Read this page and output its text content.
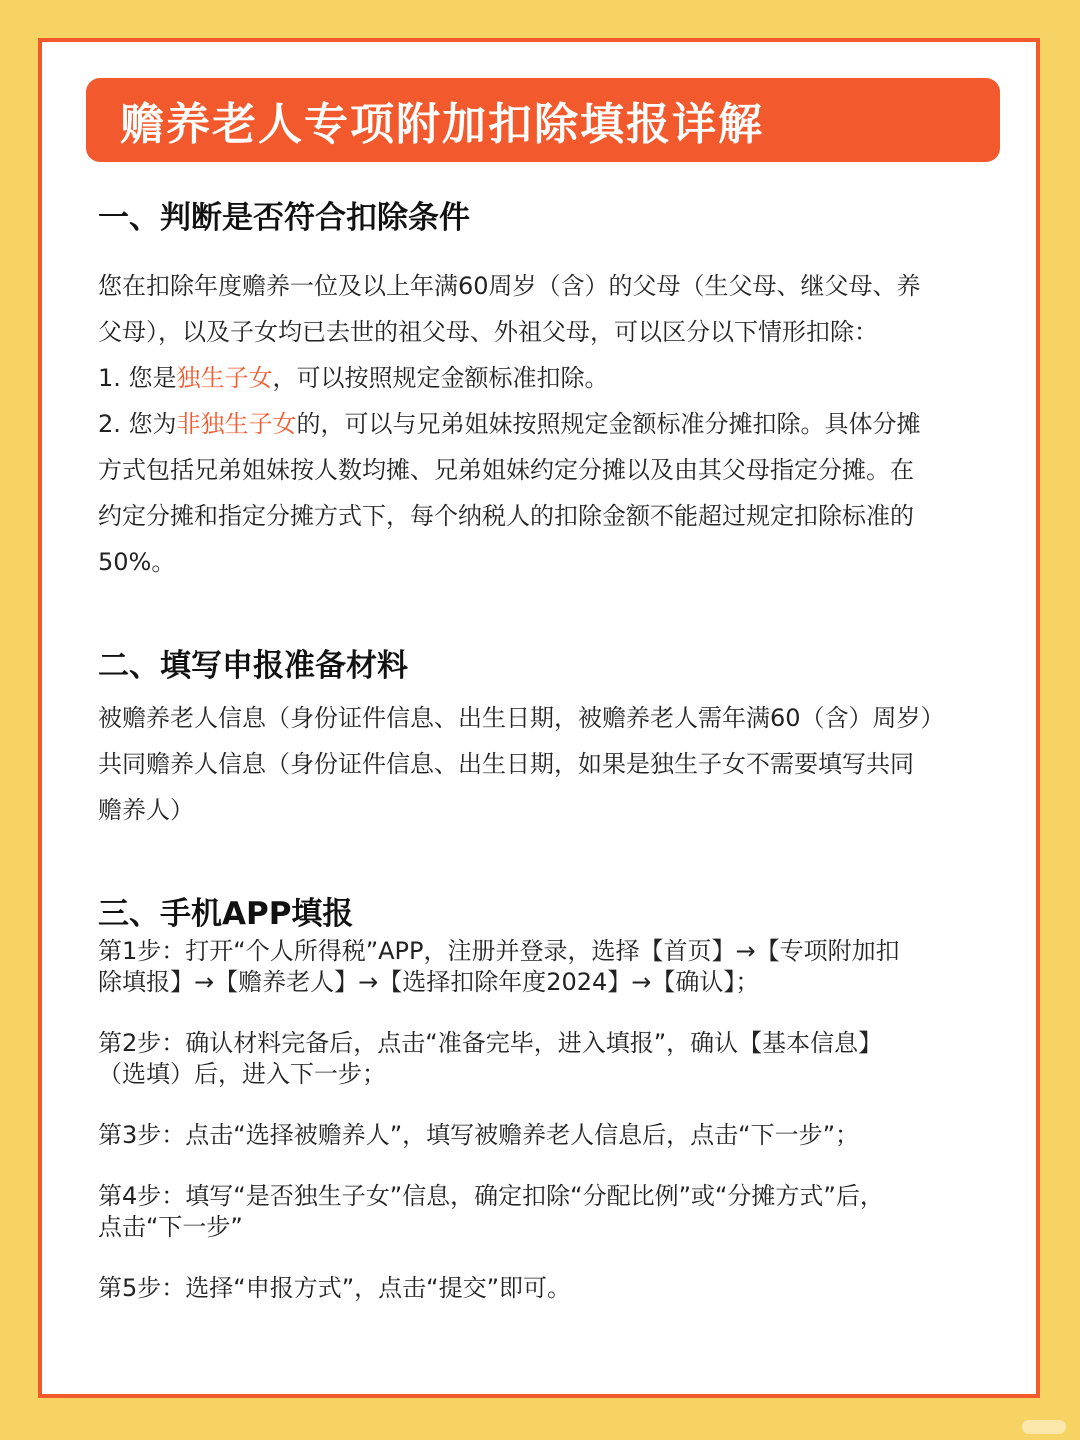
赡养老人专项附加扣除填报详解
一、判断是否符合扣除条件
您在扣除年度赡养一位及以上年满60周岁（含）的父母（生父母、继父母、养
父母），以及子女均已去世的祖父母、外祖父母，可以区分以下情形扣除：
1. 您是独生子女，可以按照规定金额标准扣除。
2. 您为非独生子女的，可以与兄弟姐妹按照规定金额标准分摊扣除。具体分摊
方式包括兄弟姐妹按人数均摊、兄弟姐妹约定分摊以及由其父母指定分摊。在
约定分摊和指定分摊方式下，每个纳税人的扣除金额不能超过规定扣除标准的
50%。
二、填写申报准备材料
被赡养老人信息（身份证件信息、出生日期，被赡养老人需年满60（含）周岁）
共同赡养人信息（身份证件信息、出生日期，如果是独生子女不需要填写共同
赡养人）
三、手机APP填报
第1步：打开“个人所得税”APP，注册并登录，选择【首页】→【专项附加扣
除填报】→【赡养老人】→【选择扣除年度2024】→【确认】；
第2步：确认材料完备后，点击“准备完毕，进入填报”，确认【基本信息】
（选填）后，进入下一步；
第3步：点击“选择被赡养人”，填写被赡养老人信息后，点击“下一步”；
第4步：填写“是否独生子女”信息，确定扣除“分配比例”或“分摊方式”后，
点击“下一步”
第5步：选择“申报方式”，点击“提交”即可。
